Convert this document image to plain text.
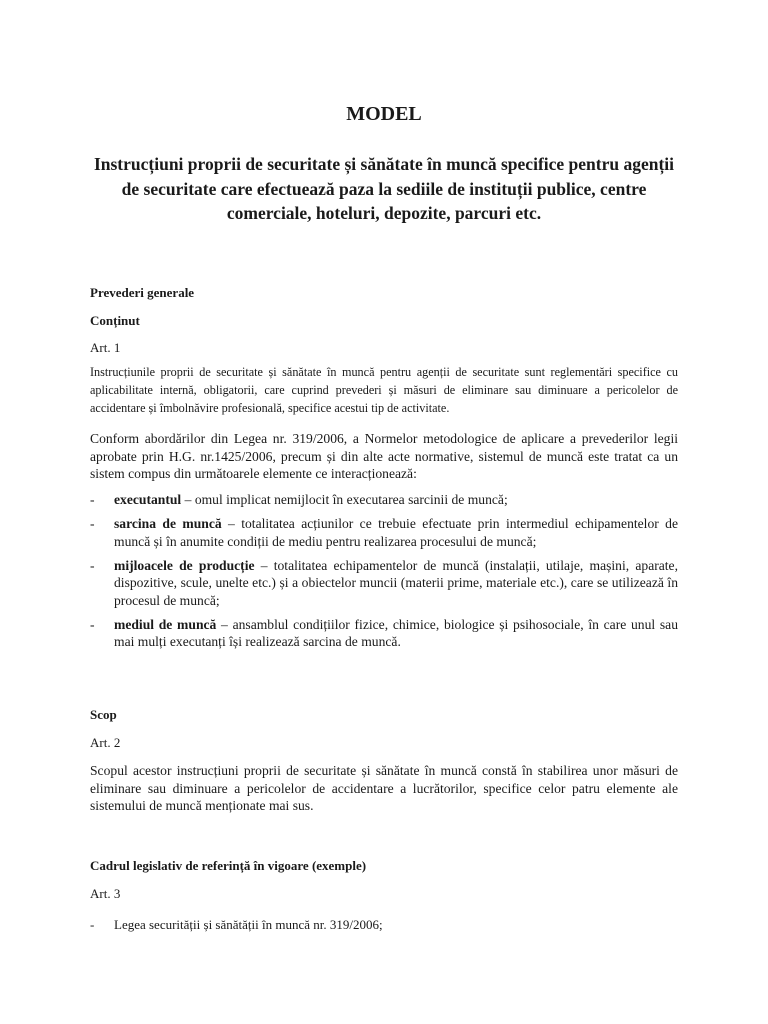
MODEL
Instrucțiuni proprii de securitate și sănătate în muncă specifice pentru agenții de securitate care efectuează paza la sediile de instituții publice, centre comerciale, hoteluri, depozite, parcuri etc.
Prevederi generale
Conținut
Art. 1
Instrucțiunile proprii de securitate și sănătate în muncă pentru agenții de securitate sunt reglementări specifice cu aplicabilitate internă, obligatorii, care cuprind prevederi și măsuri de eliminare sau diminuare a pericolelor de accidentare și îmbolnăvire profesională, specifice acestui tip de activitate.
Conform abordărilor din Legea nr. 319/2006, a Normelor metodologice de aplicare a prevederilor legii aprobate prin H.G. nr.1425/2006, precum și din alte acte normative, sistemul de muncă este tratat ca un sistem compus din următoarele elemente ce interacționează:
- executantul – omul implicat nemijlocit în executarea sarcinii de muncă;
- sarcina de muncă – totalitatea acțiunilor ce trebuie efectuate prin intermediul echipamentelor de muncă și în anumite condiții de mediu pentru realizarea procesului de muncă;
- mijloacele de producție – totalitatea echipamentelor de muncă (instalații, utilaje, mașini, aparate, dispozitive, scule, unelte etc.) și a obiectelor muncii (materii prime, materiale etc.), care se utilizează în procesul de muncă;
- mediul de muncă – ansamblul condițiilor fizice, chimice, biologice și psihosociale, în care unul sau mai mulți executanți își realizează sarcina de muncă.
Scop
Art. 2
Scopul acestor instrucțiuni proprii de securitate și sănătate în muncă constă în stabilirea unor măsuri de eliminare sau diminuare a pericolelor de accidentare a lucrătorilor, specifice celor patru elemente ale sistemului de muncă menționate mai sus.
Cadrul legislativ de referință în vigoare (exemple)
Art. 3
- Legea securității și sănătății în muncă nr. 319/2006;
